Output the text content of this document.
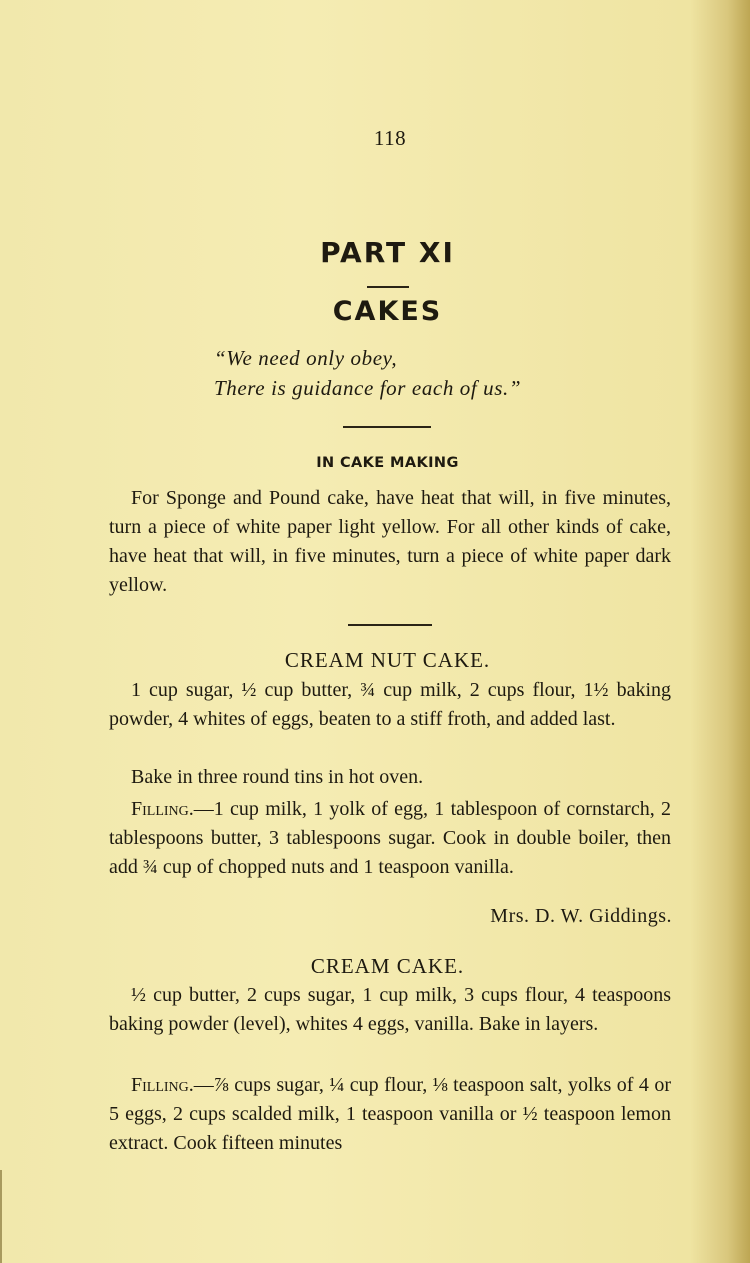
118
PART XI
CAKES
“We need only obey,
There is guidance for each of us.”
IN CAKE MAKING
For Sponge and Pound cake, have heat that will, in five minutes, turn a piece of white paper light yellow. For all other kinds of cake, have heat that will, in five minutes, turn a piece of white paper dark yellow.
CREAM NUT CAKE.
1 cup sugar, ½ cup butter, ¾ cup milk, 2 cups flour, 1½ baking powder, 4 whites of eggs, beaten to a stiff froth, and added last.
Bake in three round tins in hot oven.
Filling.—1 cup milk, 1 yolk of egg, 1 tablespoon of cornstarch, 2 tablespoons butter, 3 tablespoons sugar. Cook in double boiler, then add ¾ cup of chopped nuts and 1 teaspoon vanilla.
Mrs. D. W. Giddings.
CREAM CAKE.
½ cup butter, 2 cups sugar, 1 cup milk, 3 cups flour, 4 teaspoons baking powder (level), whites 4 eggs, vanilla. Bake in layers.
Filling.—⅞ cups sugar, ¼ cup flour, ⅛ teaspoon salt, yolks of 4 or 5 eggs, 2 cups scalded milk, 1 teaspoon vanilla or ½ teaspoon lemon extract. Cook fifteen minutes
